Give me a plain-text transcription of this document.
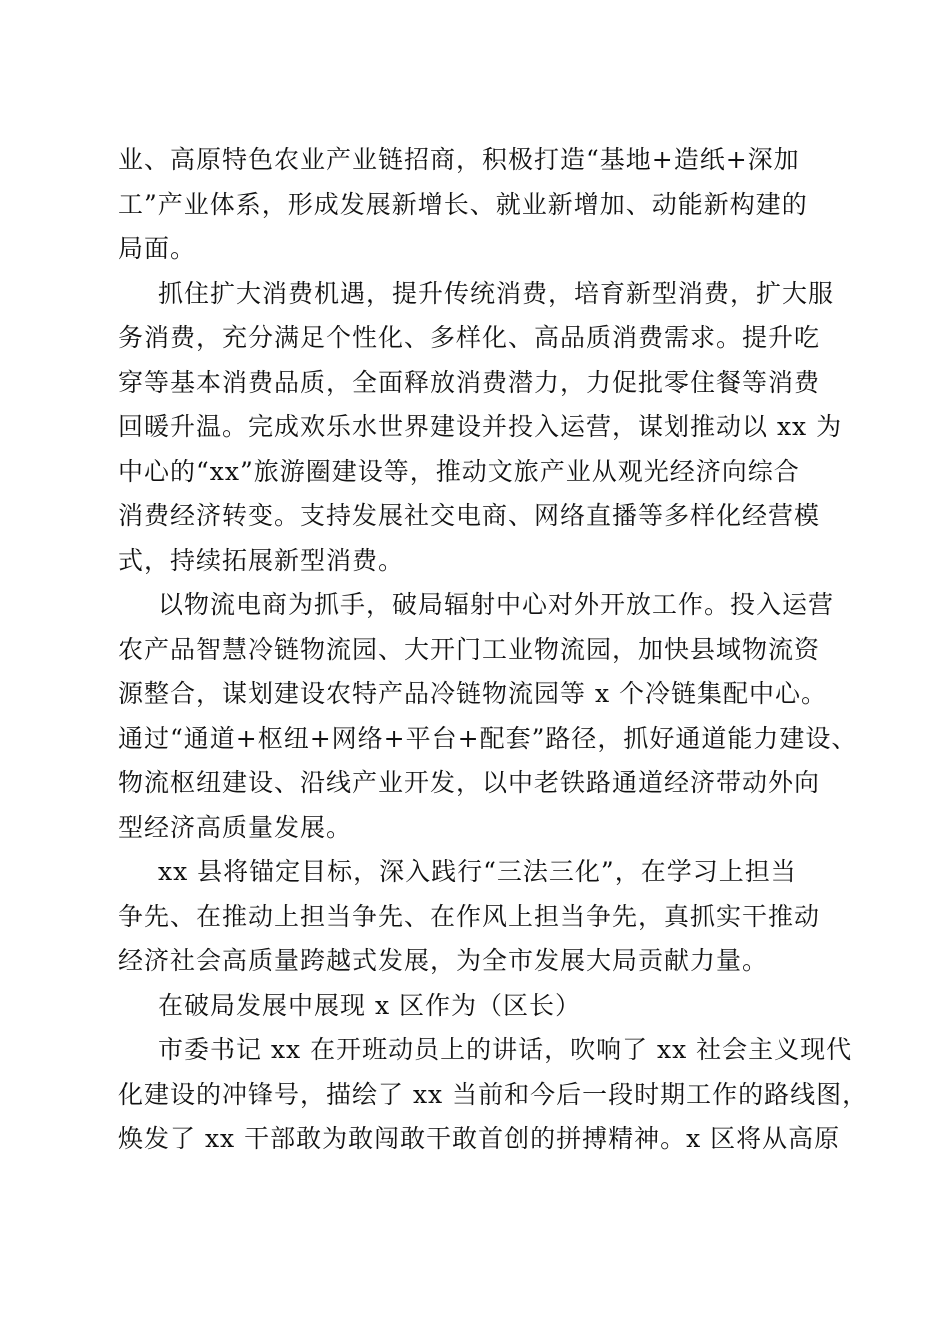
业、高原特色农业产业链招商，积极打造“基地+造纸+深加
工”产业体系，形成发展新增长、就业新增加、动能新构建的
局面。
抓住扩大消费机遇，提升传统消费，培育新型消费，扩大服
务消费，充分满足个性化、多样化、高品质消费需求。提升吃
穿等基本消费品质，全面释放消费潜力，力促批零住餐等消费
回暖升温。完成欢乐水世界建设并投入运营，谋划推动以 xx 为
中心的“xx”旅游圈建设等，推动文旅产业从观光经济向综合
消费经济转变。支持发展社交电商、网络直播等多样化经营模
式，持续拓展新型消费。
以物流电商为抓手，破局辐射中心对外开放工作。投入运营
农产品智慧冷链物流园、大开门工业物流园，加快县域物流资
源整合，谋划建设农特产品冷链物流园等 x 个冷链集配中心。
通过“通道+枢纽+网络+平台+配套”路径，抓好通道能力建设、
物流枢纽建设、沿线产业开发，以中老铁路通道经济带动外向
型经济高质量发展。
xx 县将锚定目标，深入践行“三法三化”，在学习上担当
争先、在推动上担当争先、在作风上担当争先，真抓实干推动
经济社会高质量跨越式发展，为全市发展大局贡献力量。
在破局发展中展现 x 区作为（区长）
市委书记 xx 在开班动员上的讲话，吹响了 xx 社会主义现代
化建设的冲锋号，描绘了 xx 当前和今后一段时期工作的路线图，
焕发了 xx 干部敢为敢闯敢干敢首创的拼搏精神。x 区将从高原
